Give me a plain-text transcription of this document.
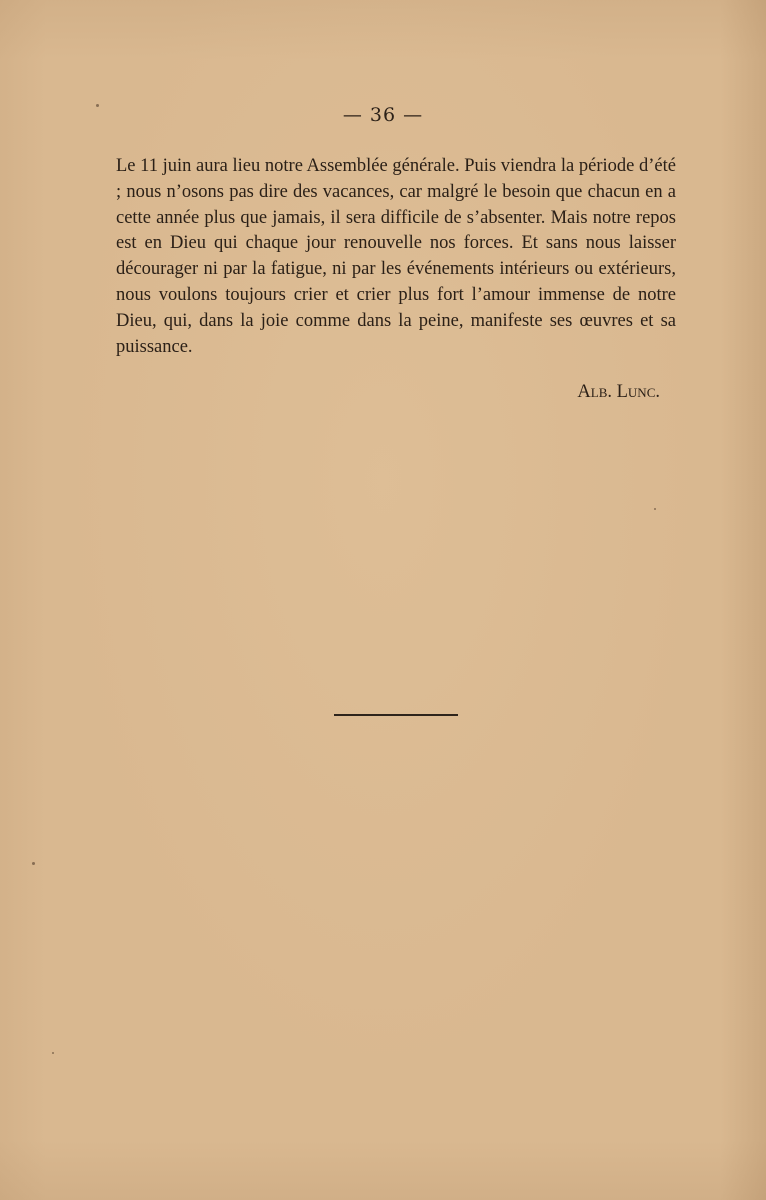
— 36 —

Le 11 juin aura lieu notre Assemblée générale. Puis viendra la période d’été ; nous n’osons pas dire des vacances, car malgré le besoin que chacun en a cette année plus que jamais, il sera difficile de s’absenter. Mais notre repos est en Dieu qui chaque jour renouvelle nos forces. Et sans nous laisser décourager ni par la fatigue, ni par les événements intérieurs ou extérieurs, nous voulons toujours crier et crier plus fort l’amour immense de notre Dieu, qui, dans la joie comme dans la peine, manifeste ses œuvres et sa puissance.

Alb. Lunc.
